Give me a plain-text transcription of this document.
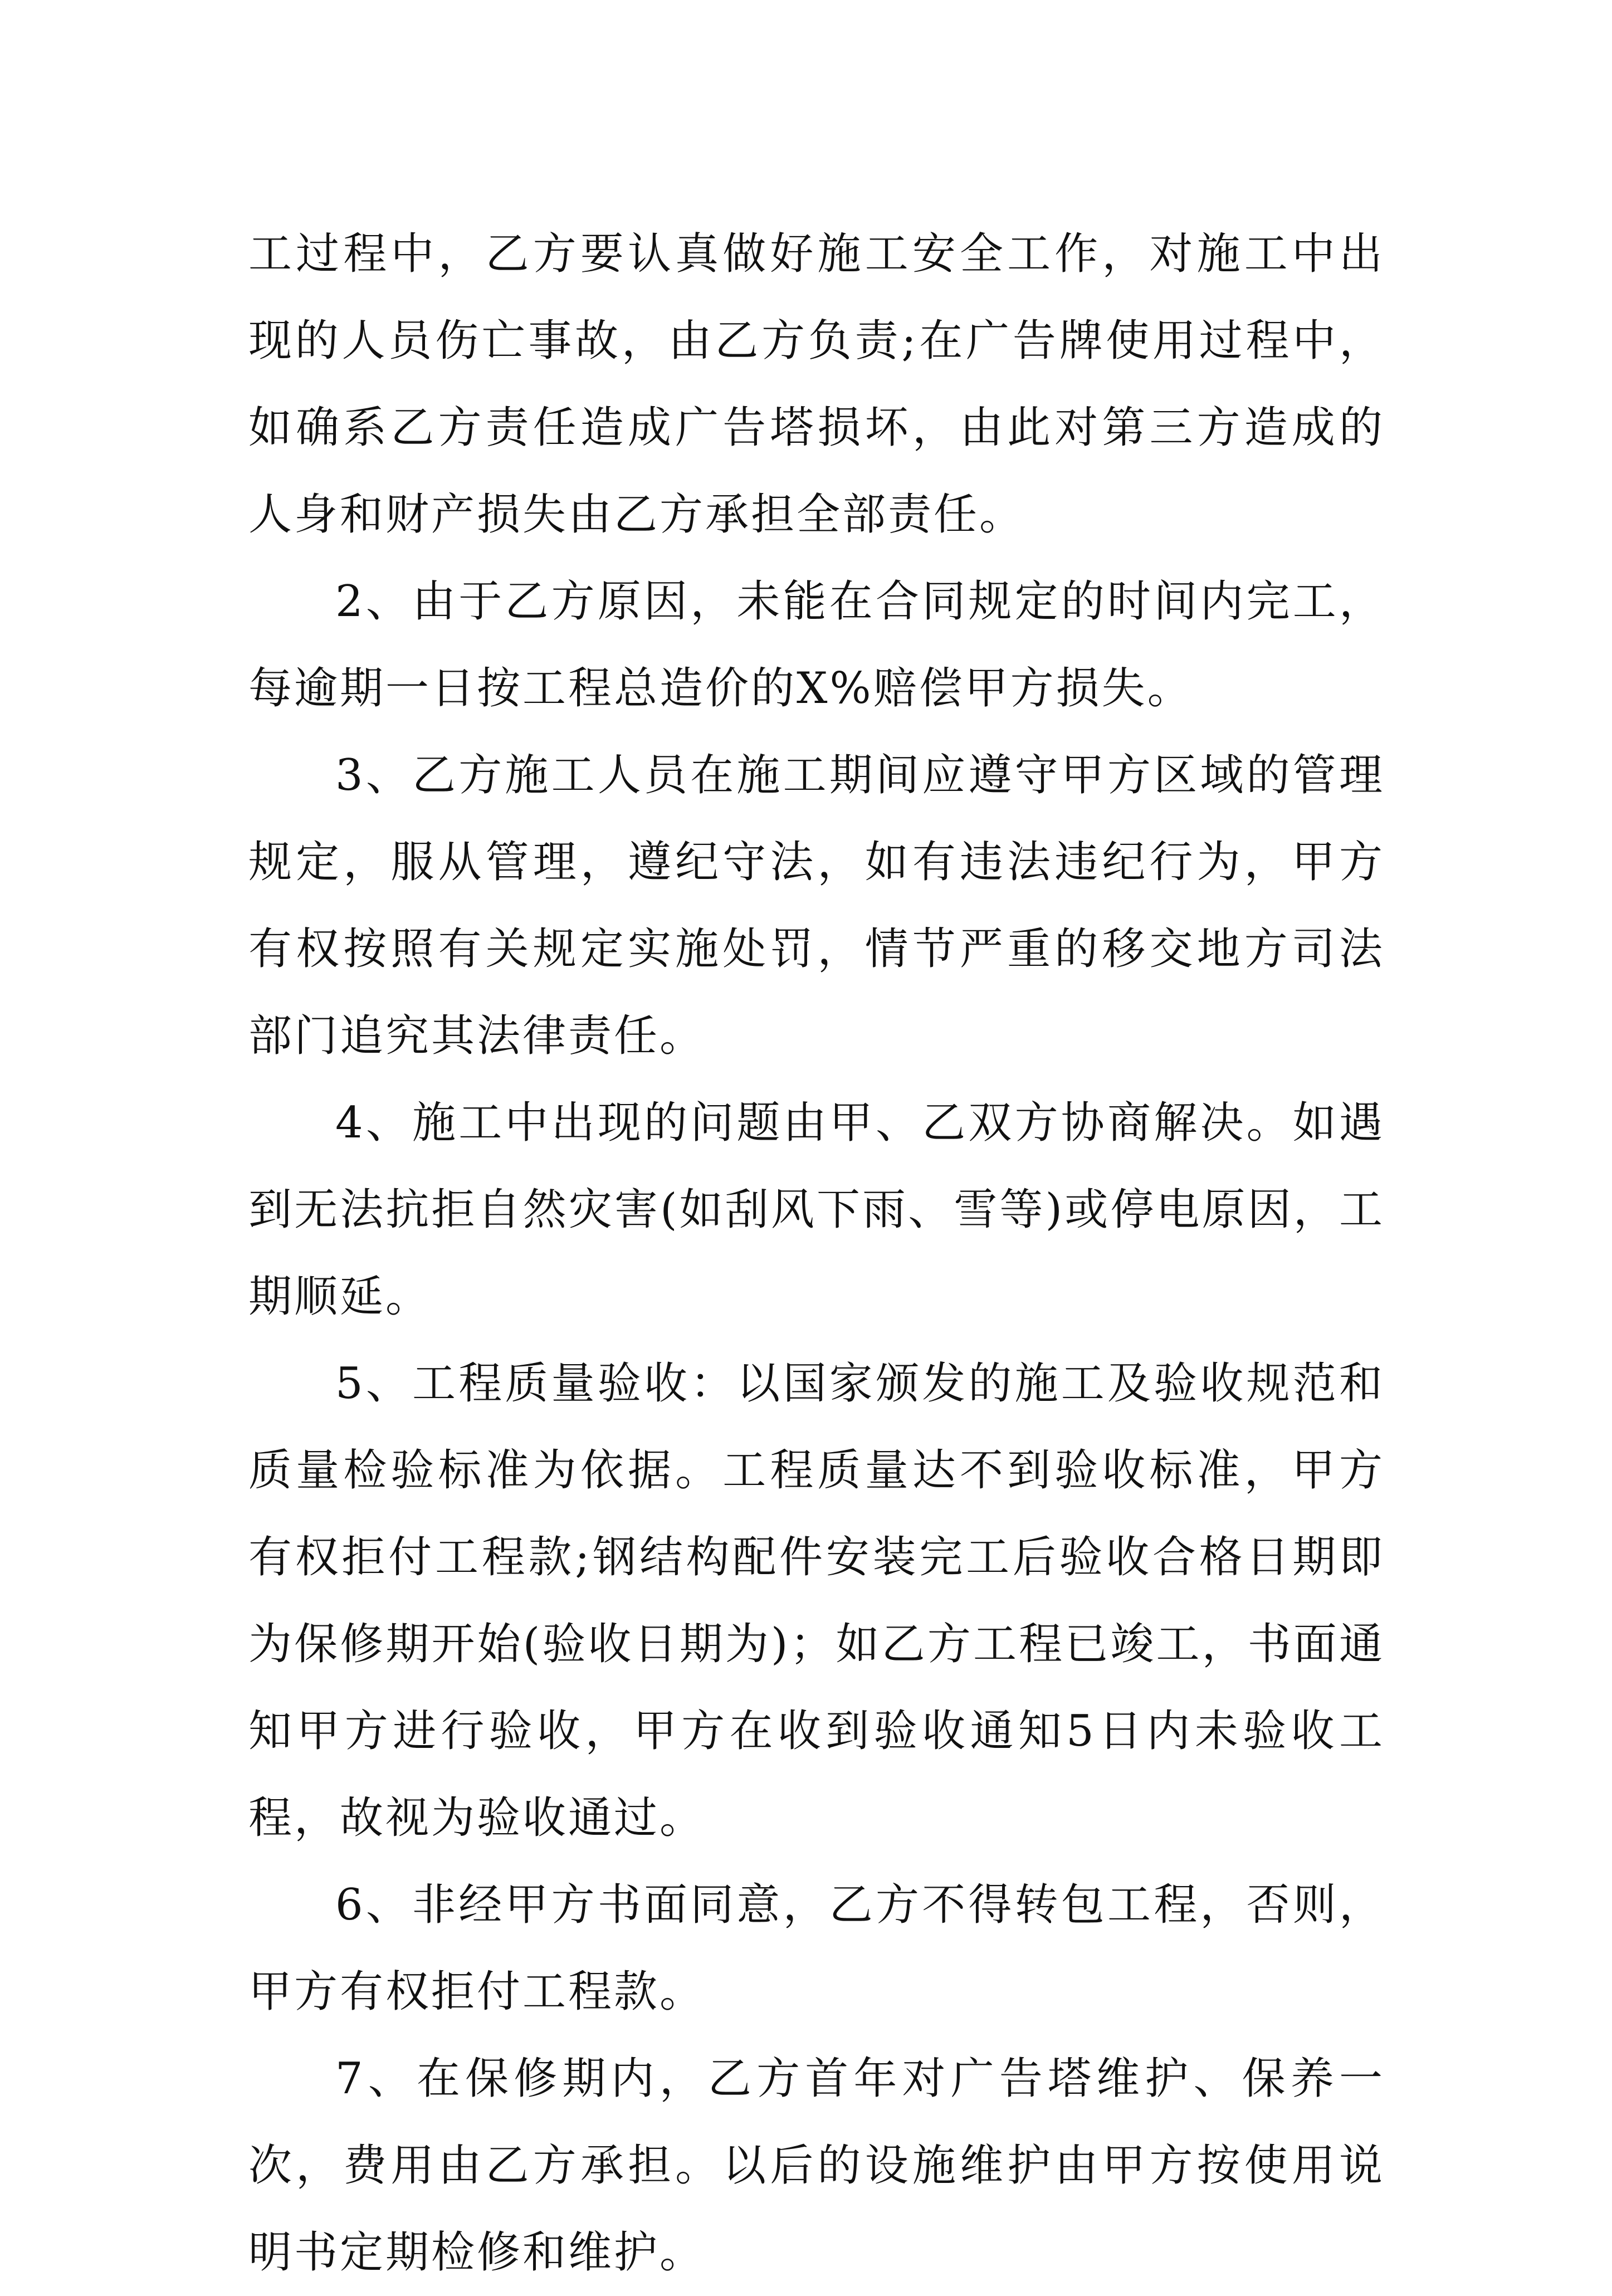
工过程中，乙方要认真做好施工安全工作，对施工中出现的人员伤亡事故，由乙方负责;在广告牌使用过程中，如确系乙方责任造成广告塔损坏，由此对第三方造成的人身和财产损失由乙方承担全部责任。

2、由于乙方原因，未能在合同规定的时间内完工，每逾期一日按工程总造价的X%赔偿甲方损失。

3、乙方施工人员在施工期间应遵守甲方区域的管理规定，服从管理，遵纪守法，如有违法违纪行为，甲方有权按照有关规定实施处罚，情节严重的移交地方司法部门追究其法律责任。

4、施工中出现的问题由甲、乙双方协商解决。如遇到无法抗拒自然灾害(如刮风下雨、雪等)或停电原因，工期顺延。

5、工程质量验收：以国家颁发的施工及验收规范和质量检验标准为依据。工程质量达不到验收标准，甲方有权拒付工程款;钢结构配件安装完工后验收合格日期即为保修期开始(验收日期为)；如乙方工程已竣工，书面通知甲方进行验收，甲方在收到验收通知5日内未验收工程，故视为验收通过。

6、非经甲方书面同意，乙方不得转包工程，否则，甲方有权拒付工程款。

7、在保修期内，乙方首年对广告塔维护、保养一次，费用由乙方承担。以后的设施维护由甲方按使用说明书定期检修和维护。
